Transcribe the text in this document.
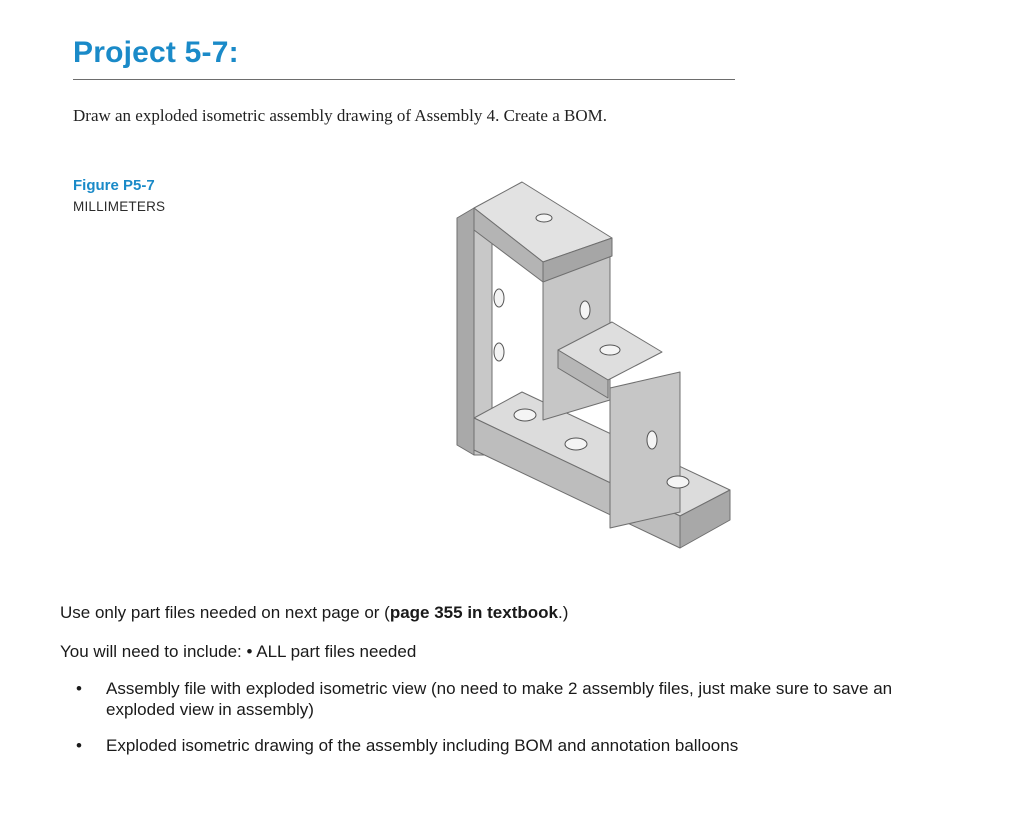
Project 5-7:

Draw an exploded isometric assembly drawing of Assembly 4. Create a BOM.

Figure P5-7

MILLIMETERS

Use only part files needed on next page or (page 355 in textbook.)

You will need to include: • ALL part files needed

• Assembly file with exploded isometric view (no need to make 2 assembly files, just make sure to save an exploded view in assembly)
• Exploded isometric drawing of the assembly including BOM and annotation balloons
